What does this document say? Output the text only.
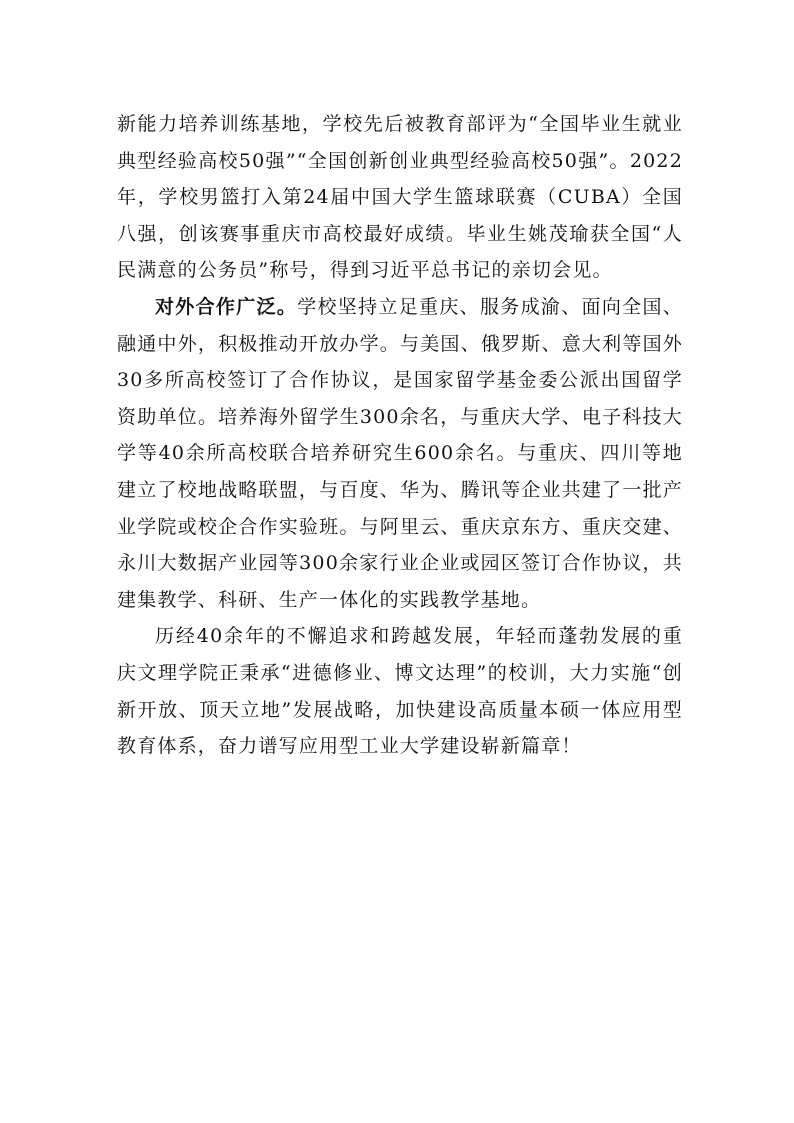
新能力培养训练基地，学校先后被教育部评为“全国毕业生就业典型经验高校50强”“全国创新创业典型经验高校50强”。2022年，学校男篮打入第24届中国大学生篮球联赛（CUBA）全国八强，创该赛事重庆市高校最好成绩。毕业生姚茂瑜获全国“人民满意的公务员”称号，得到习近平总书记的亲切会见。

对外合作广泛。学校坚持立足重庆、服务成渝、面向全国、融通中外，积极推动开放办学。与美国、俄罗斯、意大利等国外30多所高校签订了合作协议，是国家留学基金委公派出国留学资助单位。培养海外留学生300余名，与重庆大学、电子科技大学等40余所高校联合培养研究生600余名。与重庆、四川等地建立了校地战略联盟，与百度、华为、腾讯等企业共建了一批产业学院或校企合作实验班。与阿里云、重庆京东方、重庆交建、永川大数据产业园等300余家行业企业或园区签订合作协议，共建集教学、科研、生产一体化的实践教学基地。

历经40余年的不懈追求和跨越发展，年轻而蓬勃发展的重庆文理学院正秉承“进德修业、博文达理”的校训，大力实施“创新开放、顶天立地”发展战略，加快建设高质量本硕一体应用型教育体系，奋力谱写应用型工业大学建设崭新篇章！
